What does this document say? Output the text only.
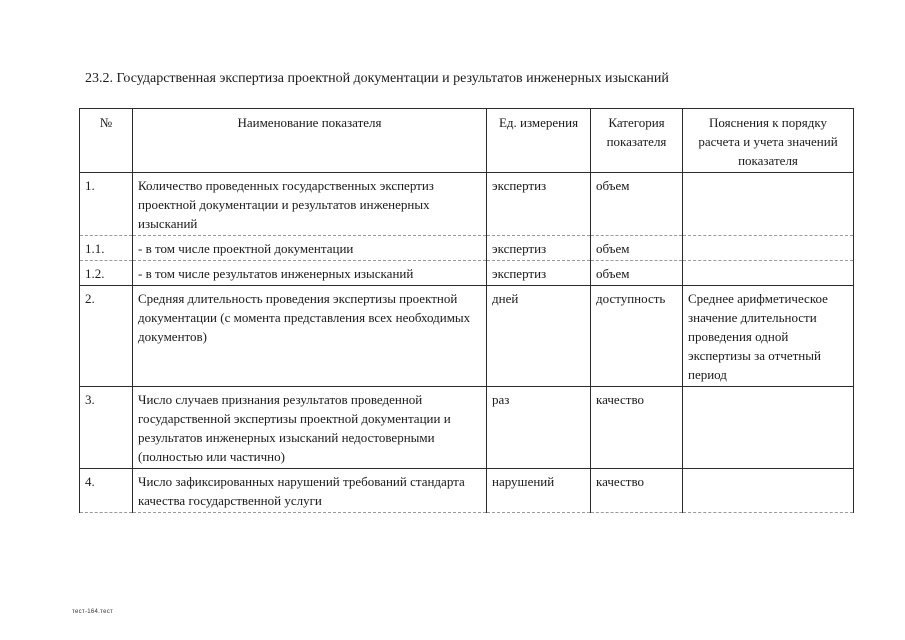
23.2. Государственная экспертиза проектной документации и результатов инженерных изысканий
№	Наименование показателя	Ед. измерения	Категория показателя	Пояснения к порядку расчета и учета значений показателя
1.	Количество проведенных государственных экспертиз проектной документации и результатов инженерных изысканий	экспертиз	объем	
1.1.	- в том числе проектной документации	экспертиз	объем	
1.2.	- в том числе результатов инженерных изысканий	экспертиз	объем	
2.	Средняя длительность проведения экспертизы проектной документации (с момента представления всех необходимых документов)	дней	доступность	Среднее арифметическое значение длительности проведения одной экспертизы за отчетный период
3.	Число случаев признания результатов проведенной государственной экспертизы проектной документации и результатов инженерных изысканий недостоверными (полностью или частично)	раз	качество	
4.	Число зафиксированных нарушений требований стандарта качества государственной услуги	нарушений	качество	
тест-164.тест
